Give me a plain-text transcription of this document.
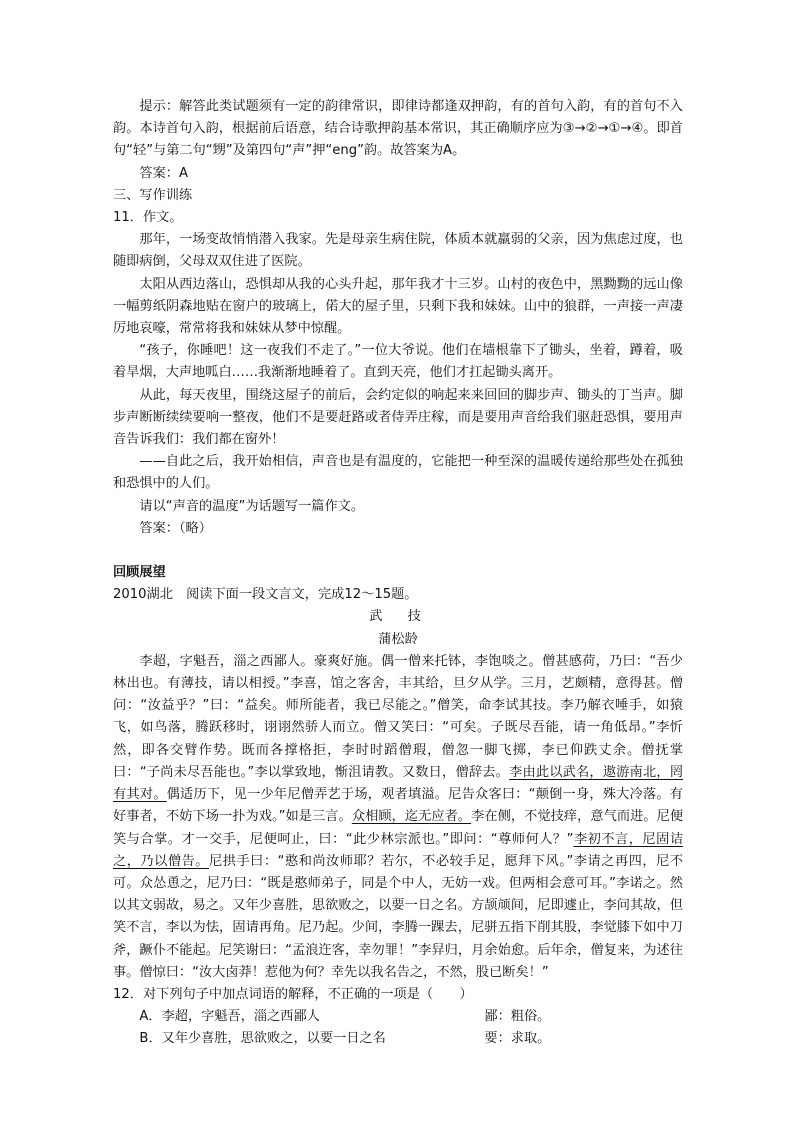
提示：解答此类试题须有一定的韵律常识，即律诗都逢双押韵，有的首句入韵，有的首句不入韵。本诗首句入韵，根据前后语意，结合诗歌押韵基本常识，其正确顺序应为③→②→①→④。即首句“轻”与第二句“甥”及第四句“声”押“eng”韵。故答案为A。

答案：A

三、写作训练

11．作文。

那年，一场变故悄悄潜入我家。先是母亲生病住院，体质本就羸弱的父亲，因为焦虑过度，也随即病倒，父母双双住进了医院。

太阳从西边落山，恐惧却从我的心头升起，那年我才十三岁。山村的夜色中，黑黝黝的远山像一幅剪纸阴森地贴在窗户的玻璃上，偌大的屋子里，只剩下我和妹妹。山中的狼群，一声接一声凄厉地哀嚎，常常将我和妹妹从梦中惊醒。

“孩子，你睡吧！这一夜我们不走了。”一位大爷说。他们在墙根靠下了锄头，坐着，蹲着，吸着旱烟，大声地呱白……我渐渐地睡着了。直到天亮，他们才扛起锄头离开。

从此，每天夜里，围绕这屋子的前后，会约定似的响起来来回回的脚步声、锄头的丁当声。脚步声断断续续要响一整夜，他们不是要赶路或者侍弄庄稼，而是要用声音给我们驱赶恐惧，要用声音告诉我们：我们都在窗外！

——自此之后，我开始相信，声音也是有温度的，它能把一种至深的温暖传递给那些处在孤独和恐惧中的人们。

请以“声音的温度”为话题写一篇作文。

答案：（略）

回顾展望

2010湖北　阅读下面一段文言文，完成12～15题。

武　技

蒲松龄

李超，字魁吾，淄之西鄙人。豪爽好施。偶一僧来托钵，李饱啖之。僧甚感荷，乃曰：“吾少林出也。有薄技，请以相授。”李喜，馆之客舍，丰其给，旦夕从学。三月，艺颇精，意得甚。僧问：“汝益乎？”曰：“益矣。师所能者，我已尽能之。”僧笑，命李试其技。李乃解衣唾手，如猿飞，如鸟落，腾跃移时，诩诩然骄人而立。僧又笑曰：“可矣。子既尽吾能，请一角低昂。”李忻然，即各交臂作势。既而各撑格拒，李时时蹈僧瑕，僧忽一脚飞掷，李已仰跌丈余。僧抚掌曰：“子尚未尽吾能也。”李以掌致地，惭沮请教。又数日，僧辞去。李由此以武名，遨游南北，罔有其对。偶适历下，见一少年尼僧弄艺于场，观者填溢。尼告众客曰：“颠倒一身，殊大冷落。有好事者，不妨下场一扑为戏。”如是三言。众相顾，迄无应者。李在侧，不觉技痒，意气而进。尼便笑与合掌。才一交手，尼便呵止，曰：“此少林宗派也。”即问：“尊师何人？”李初不言，尼固诘之，乃以僧告。尼拱手曰：“憨和尚汝师耶？若尔，不必较手足，愿拜下风。”李请之再四，尼不可。众怂恿之，尼乃曰：“既是憨师弟子，同是个中人，无妨一戏。但两相会意可耳。”李诺之。然以其文弱故，易之。又年少喜胜，思欲败之，以要一日之名。方颉颃间，尼即遽止，李问其故，但笑不言，李以为怯，固请再角。尼乃起。少间，李腾一踝去，尼骈五指下削其股，李觉膝下如中刀斧，蹶仆不能起。尼笑谢曰：“孟浪迕客，幸勿罪！”李舁归，月余始愈。后年余，僧复来，为述往事。僧惊曰：“汝大卤莽！惹他为何？幸先以我名告之，不然，股已断矣！”

12．对下列句子中加点词语的解释，不正确的一项是（　　）

A．李超，字魁吾，淄之西鄙人	鄙：粗俗。
B．又年少喜胜，思欲败之，以要一日之名	要：求取。
